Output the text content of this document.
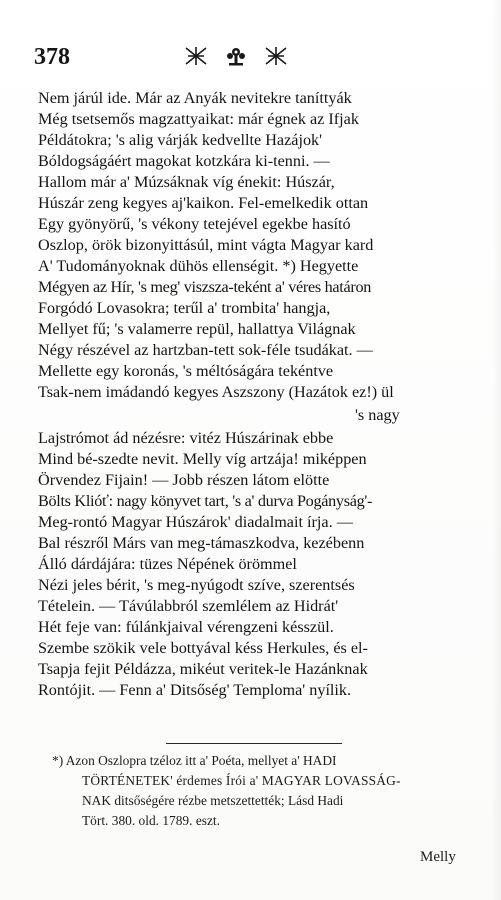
378
Nem járúl ide. Már az Anyák nevitekre taníttyák
Még tsetsemős magzattyaikat: már égnek az Ifjak
Példátokra; 's alig várják kedvellte Hazájok'
Bóldogságáért magokat kotzkára ki-tenni. —
Hallom már a' Múzsáknak víg énekit: Húszár,
Húszár zeng kegyes aj'kaikon. Fel-emelkedik ottan
Egy gyönyörű, 's vékony tetejével egekbe hasító
Oszlop, örök bizonyittásúl, mint vágta Magyar kard
A' Tudományoknak dühös ellenségit. *) Hegyette
Mégyen az Hír, 's meg' viszsza-teként a' véres határon
Forgódó Lovasokra; terűl a' trombita' hangja,
Mellyet fű; 's valamerre repül, hallattya Világnak
Négy részével az hartzban-tett sok-féle tsudákat. —
Mellette egy koronás, 's méltóságára tekéntve
Tsak-nem imádandó kegyes Aszszony (Hazátok ez!) ül
's nagy
Lajstrómot ád nézésre: vitéz Húszárinak ebbe
Mind bé-szedte nevit. Melly víg artzája! miképpen
Örvendez Fijain! — Jobb részen látom elötte
Bölts Klióť: nagy könyvet tart, 's a' durva Pogányság'-
Meg-rontó Magyar Húszárok' diadalmait írja. —
Bal részről Márs van meg-támaszkodva, kezébenn
Álló dárdájára: tüzes Népének örömmel
Nézi jeles bérit, 's meg-nyúgodt szíve, szerentsés
Tételein. — Távúlabbról szemlélem az Hidrát'
Hét feje van: fúlánkjaival vérengzeni késszül.
Szembe szökik vele bottyával késs Herkules, és el-
Tsapja fejit Példázza, mikéut veritek-le Hazánknak
Rontójit. — Fenn a' Ditsőség' Templomа' nyílik.
*) Azon Oszlopra tzéloz itt a' Poéta, mellyet a' HADI
TÖRTÉNETEK' érdemes Írói a' MAGYAR LOVASSÁG-
NAK ditsőségére rézbe metszettették; Lásd Hadi
Tört. 380. old. 1789. eszt.
Melly
